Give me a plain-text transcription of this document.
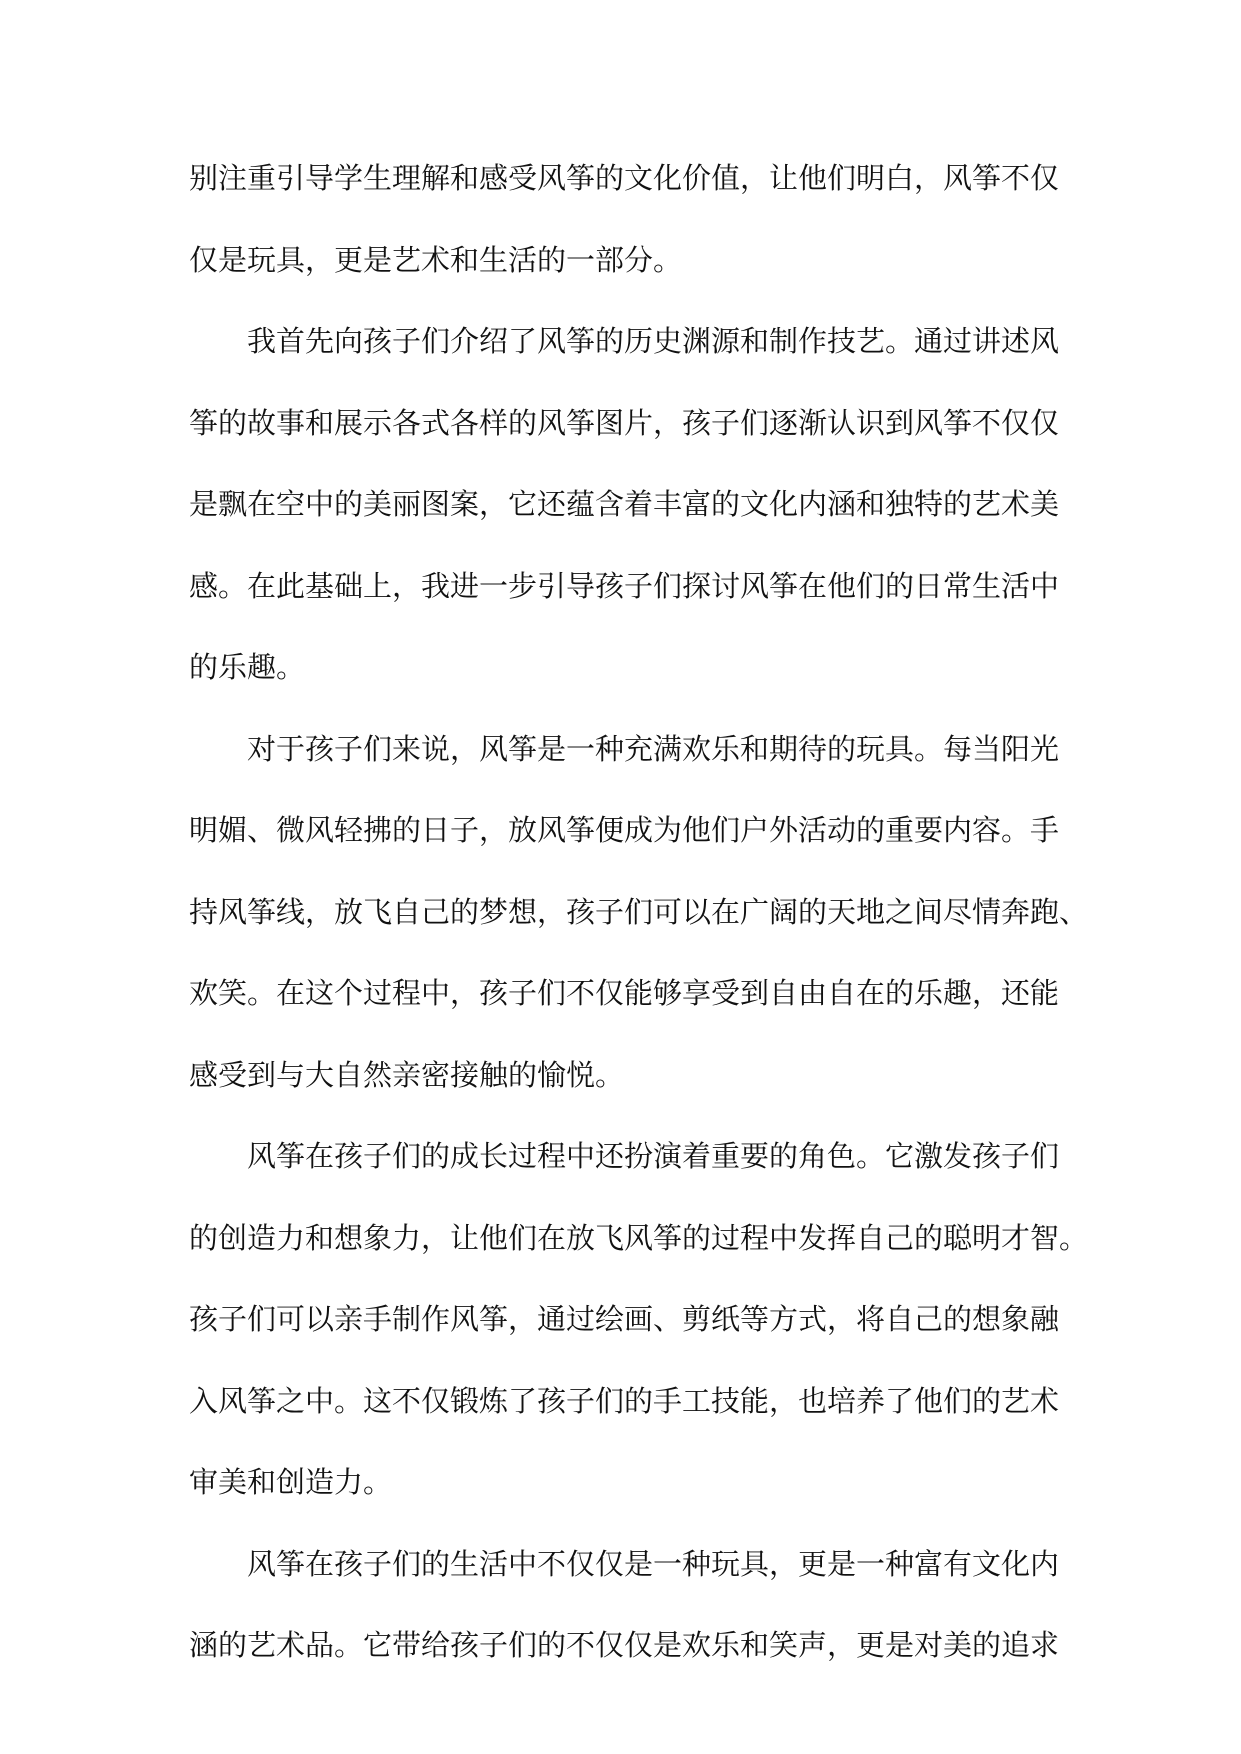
别注重引导学生理解和感受风筝的文化价值，让他们明白，风筝不仅
仅是玩具，更是艺术和生活的一部分。
我首先向孩子们介绍了风筝的历史渊源和制作技艺。通过讲述风
筝的故事和展示各式各样的风筝图片，孩子们逐渐认识到风筝不仅仅
是飘在空中的美丽图案，它还蕴含着丰富的文化内涵和独特的艺术美
感。在此基础上，我进一步引导孩子们探讨风筝在他们的日常生活中
的乐趣。
对于孩子们来说，风筝是一种充满欢乐和期待的玩具。每当阳光
明媚、微风轻拂的日子，放风筝便成为他们户外活动的重要内容。手
持风筝线，放飞自己的梦想，孩子们可以在广阔的天地之间尽情奔跑、
欢笑。在这个过程中，孩子们不仅能够享受到自由自在的乐趣，还能
感受到与大自然亲密接触的愉悦。
风筝在孩子们的成长过程中还扮演着重要的角色。它激发孩子们
的创造力和想象力，让他们在放飞风筝的过程中发挥自己的聪明才智。
孩子们可以亲手制作风筝，通过绘画、剪纸等方式，将自己的想象融
入风筝之中。这不仅锻炼了孩子们的手工技能，也培养了他们的艺术
审美和创造力。
风筝在孩子们的生活中不仅仅是一种玩具，更是一种富有文化内
涵的艺术品。它带给孩子们的不仅仅是欢乐和笑声，更是对美的追求
